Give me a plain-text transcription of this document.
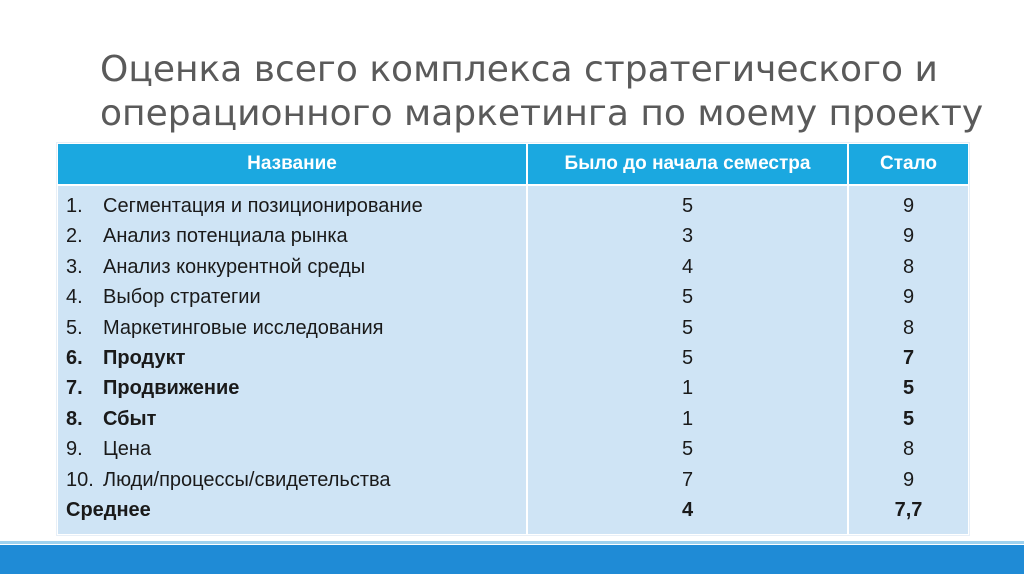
Оценка всего комплекса стратегического и
операционного маркетинга по моему проекту
Название	Было до начала семестра	Стало
1.	Сегментация и позиционирование	5	9
2.	Анализ потенциала рынка	3	9
3.	Анализ конкурентной среды	4	8
4.	Выбор стратегии	5	9
5.	Маркетинговые исследования	5	8
6.	Продукт	5	7
7.	Продвижение	1	5
8.	Сбыт	1	5
9.	Цена	5	8
10. Люди/процессы/свидетельства	7	9
Среднее	4	7,7
